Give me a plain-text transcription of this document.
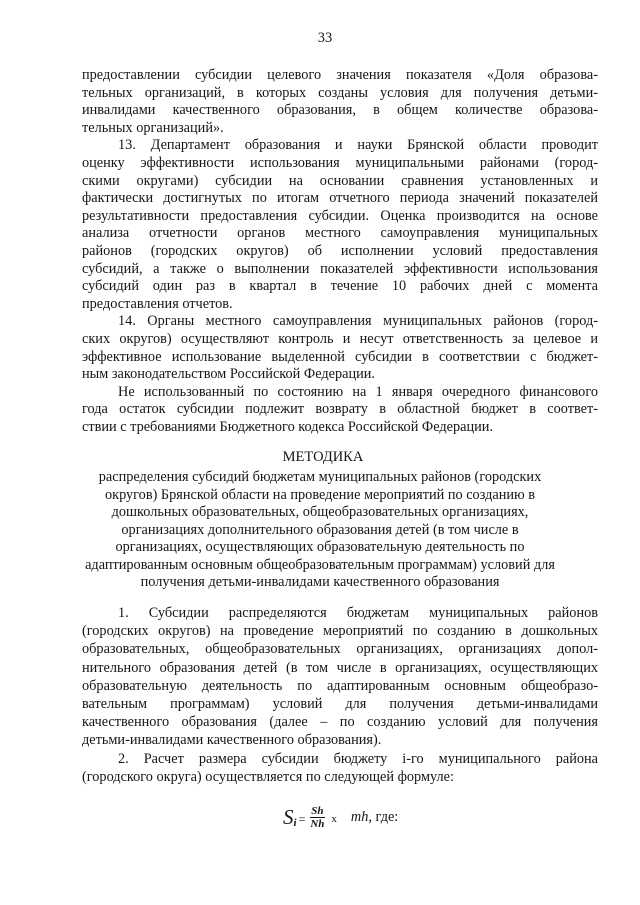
33
предоставлении субсидии целевого значения показателя «Доля образова-
тельных организаций, в которых созданы условия для получения детьми-
инвалидами качественного образования, в общем количестве образова-
тельных организаций».
13. Департамент образования и науки Брянской области проводит
оценку эффективности использования муниципальными районами (город-
скими округами) субсидии на основании сравнения установленных и
фактически достигнутых по итогам отчетного периода значений показателей
результативности предоставления субсидии. Оценка производится на основе
анализа отчетности органов местного самоуправления муниципальных
районов (городских округов) об исполнении условий предоставления
субсидий, а также о выполнении показателей эффективности использования
субсидий один раз в квартал в течение 10 рабочих дней с момента
предоставления отчетов.
14. Органы местного самоуправления муниципальных районов (город-
ских округов) осуществляют контроль и несут ответственность за целевое и
эффективное использование выделенной субсидии в соответствии с бюджет-
ным законодательством Российской Федерации.
Не использованный по состоянию на 1 января очередного финансового
года остаток субсидии подлежит возврату в областной бюджет в соответ-
ствии с требованиями Бюджетного кодекса Российской Федерации.
МЕТОДИКА
распределения субсидий бюджетам муниципальных районов (городских
округов) Брянской области на проведение мероприятий по созданию в
дошкольных образовательных, общеобразовательных организациях,
организациях дополнительного образования детей (в том числе в
организациях, осуществляющих образовательную деятельность по
адаптированным основным общеобразовательным программам) условий для
получения детьми-инвалидами качественного образования
1. Субсидии распределяются бюджетам муниципальных районов
(городских округов) на проведение мероприятий по созданию в дошкольных
образовательных, общеобразовательных организациях, организациях допол-
нительного образования детей (в том числе в организациях, осуществляющих
образовательную деятельность по адаптированным основным общеобразо-
вательным программам) условий для получения детьми-инвалидами
качественного образования (далее – по созданию условий для получения
детьми-инвалидами качественного образования).
2. Расчет размера субсидии бюджету i-го муниципального района
(городского округа) осуществляется по следующей формуле:
S $i = \frac{Sh}{Nh}$ x mh , где:
